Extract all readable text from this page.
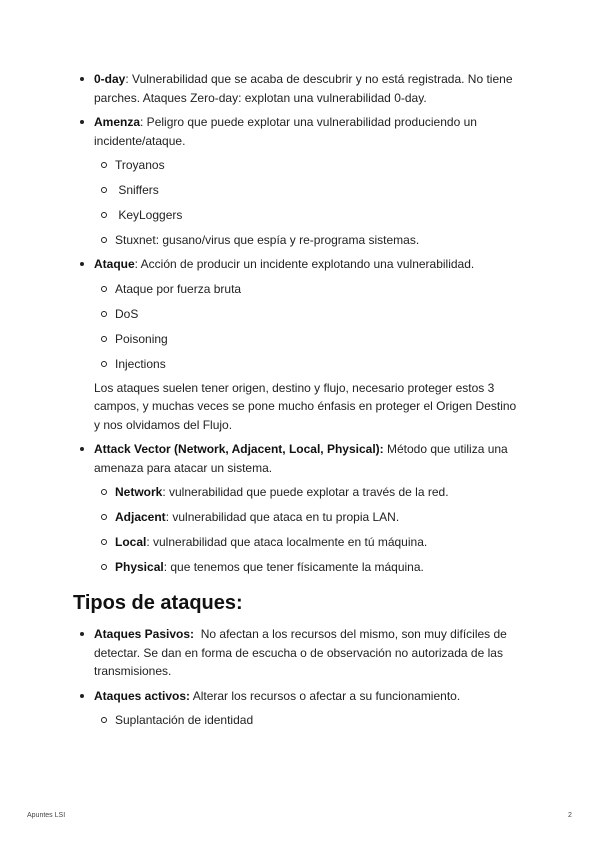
0-day: Vulnerabilidad que se acaba de descubrir y no está registrada. No tiene parches. Ataques Zero-day: explotan una vulnerabilidad 0-day.
Amenza: Peligro que puede explotar una vulnerabilidad produciendo un incidente/ataque.
Troyanos
Sniffers
KeyLoggers
Stuxnet: gusano/virus que espía y re-programa sistemas.
Ataque: Acción de producir un incidente explotando una vulnerabilidad.
Ataque por fuerza bruta
DoS
Poisoning
Injections
Los ataques suelen tener origen, destino y flujo, necesario proteger estos 3 campos, y muchas veces se pone mucho énfasis en proteger el Origen Destino y nos olvidamos del Flujo.
Attack Vector (Network, Adjacent, Local, Physical): Método que utiliza una amenaza para atacar un sistema.
Network: vulnerabilidad que puede explotar a través de la red.
Adjacent: vulnerabilidad que ataca en tu propia LAN.
Local: vulnerabilidad que ataca localmente en tú máquina.
Physical: que tenemos que tener físicamente la máquina.
Tipos de ataques:
Ataques Pasivos:  No afectan a los recursos del mismo, son muy difíciles de detectar. Se dan en forma de escucha o de observación no autorizada de las transmisiones.
Ataques activos: Alterar los recursos o afectar a su funcionamiento.
Suplantación de identidad
Apuntes LSI	2
